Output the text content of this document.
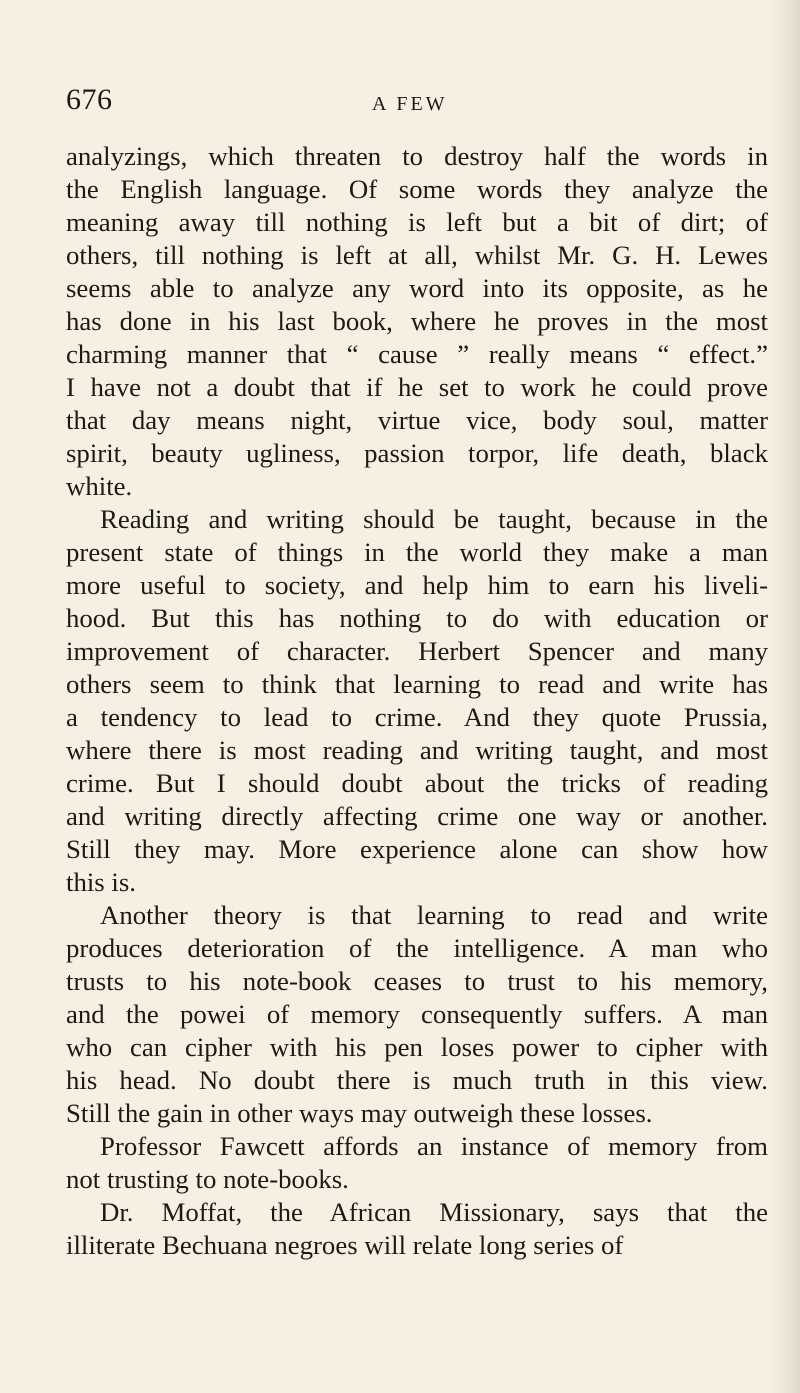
676	A FEW

analyzings, which threaten to destroy half the words in
the English language. Of some words they analyze the
meaning away till nothing is left but a bit of dirt; of
others, till nothing is left at all, whilst Mr. G. H. Lewes
seems able to analyze any word into its opposite, as he
has done in his last book, where he proves in the most
charming manner that “ cause ” really means “ effect.”
I have not a doubt that if he set to work he could prove
that day means night, virtue vice, body soul, matter
spirit, beauty ugliness, passion torpor, life death, black
white.

Reading and writing should be taught, because in the
present state of things in the world they make a man
more useful to society, and help him to earn his liveli-
hood. But this has nothing to do with education or
improvement of character. Herbert Spencer and many
others seem to think that learning to read and write has
a tendency to lead to crime. And they quote Prussia,
where there is most reading and writing taught, and most
crime. But I should doubt about the tricks of reading
and writing directly affecting crime one way or another.
Still they may. More experience alone can show how
this is.

Another theory is that learning to read and write
produces deterioration of the intelligence. A man who
trusts to his note-book ceases to trust to his memory,
and the powei of memory consequently suffers. A man
who can cipher with his pen loses power to cipher with
his head. No doubt there is much truth in this view.
Still the gain in other ways may outweigh these losses.

Professor Fawcett affords an instance of memory from
not trusting to note-books.

Dr. Moffat, the African Missionary, says that the
illiterate Bechuana negroes will relate long series of
